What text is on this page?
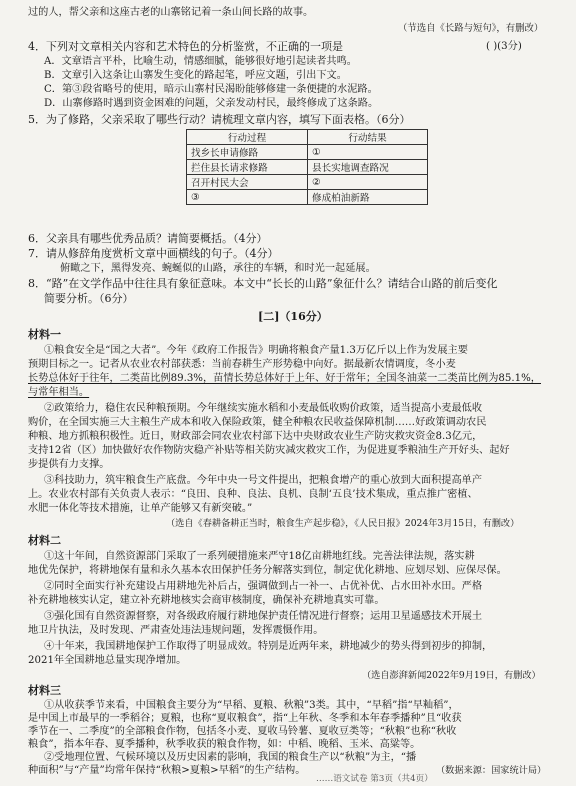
过的人，帮父亲和这座古老的山寨铭记着一条山间长路的故事。
（节选自《长路与短句》，有删改）
4．下列对文章相关内容和艺术特色的分析鉴赏，不正确的一项是	( )(3分)
A．文章语言平朴，比喻生动，情感细腻，能够很好地引起读者共鸣。
B．文章引入这条让山寨发生变化的路起笔，呼应文题，引出下文。
C．第③段省略号的使用，暗示山寨村民渴盼能够修建一条便捷的水泥路。
D．山寨修路时遇到资金困难的问题，父亲发动村民，最终修成了这条路。
5．为了修路，父亲采取了哪些行动？请梳理文章内容，填写下面表格。（6分）
行动过程	行动结果
找乡长申请修路	①
拦住县长请求修路	县长实地调查路况
召开村民大会	②
③	修成柏油新路
6．父亲具有哪些优秀品质？请简要概括。（4分）
7．请从修辞角度赏析文章中画横线的句子。（4分）
俯瞰之下，黑得发亮、蜿蜒似的山路，承往的车辆，和时光一起延展。
8．“路”在文学作品中往往具有象征意味。本文中“长长的山路”象征什么？请结合山路的前后变化
简要分析。（6分）
[二]（16分）
材料一
①粮食安全是“国之大者”。今年《政府工作报告》明确将粮食产量1.3万亿斤以上作为发展主要
预期目标之一。记者从农业农村部获悉：当前春耕生产形势稳中向好。据最新农情调度，冬小麦
长势总体好于往年，二类苗比例89.3%，苗情长势总体好于上年、好于常年；全国冬油菜一二类苗比例为85.1%，
与常年相当。
②政策给力，稳住农民种粮预期。今年继续实施水稻和小麦最低收购价政策，适当提高小麦最低收
购价，在全国实施三大主粮生产成本和收入保险政策，健全种粮农民收益保障机制……好政策调动农民
种粮、地方抓粮积极性。近日，财政部会同农业农村部下达中央财政农业生产防灾救灾资金8.3亿元，
支持12省（区）加快做好农作物防灾稳产补贴等相关防灾减灾救灾工作，为促进夏季粮油生产开好头、起好
步提供有力支撑。
③科技助力，筑牢粮食生产底盘。今年中央一号文件提出，把粮食增产的重心放到大面积提高单产
上。农业农村部有关负责人表示：“良田、良种、良法、良机、良制‘五良’技术集成，重点推广密植、
水肥一体化等技术措施，让单产能够又有新突破。”
（选自《春耕备耕正当时，粮食生产起步稳》，《人民日报》2024年3月15日，有删改）
材料二
①这十年间，自然资源部门采取了一系列硬措施来严守18亿亩耕地红线。完善法律法规，落实耕
地优先保护，将耕地保有量和永久基本农田保护任务分解落实到位，制定优化耕地、应划尽划、应保尽保。
②同时全面实行补充建设占用耕地先补后占，强调做到占一补一、占优补优、占水田补水田。严格
补充耕地核实认定，建立补充耕地核实会商审核制度，确保补充耕地真实可靠。
③强化国有自然资源督察，对各级政府履行耕地保护责任情况进行督察；运用卫星遥感技术开展土
地卫片执法，及时发现、严肃查处违法违规问题，发挥震慑作用。
④十年来，我国耕地保护工作取得了明显成效。特别是近两年来，耕地减少的势头得到初步的抑制，
2021年全国耕地总量实现净增加。
（选自澎湃新闻2022年9月19日，有删改）
材料三
①从收获季节来看，中国粮食主要分为“早稻、夏粮、秋粮”3类。其中，“早稻”指“早籼稻”，
是中国上市最早的一季稻谷；夏粮，也称“夏収粮食”，指“上年秋、冬季和本年春季播种”且“收获
季节在一、二季度”的全部粮食作物，包括冬小麦、夏收马铃薯、夏收豆类等；“秋粮”也称“秋收
粮食”，指本年春、夏季播种，秋季收获的粮食作物，如：中稻、晚稻、玉米、高粱等。
②受地理位置、气候环境以及历史因素的影响，我国的粮食生产以“秋粮”为主，“播
种面积”与“产量”均常年保持“秋粮>夏粮>早稻”的生产结构。	（数据来源：国家统计局）
……语文试卷 第3页（共4页）
